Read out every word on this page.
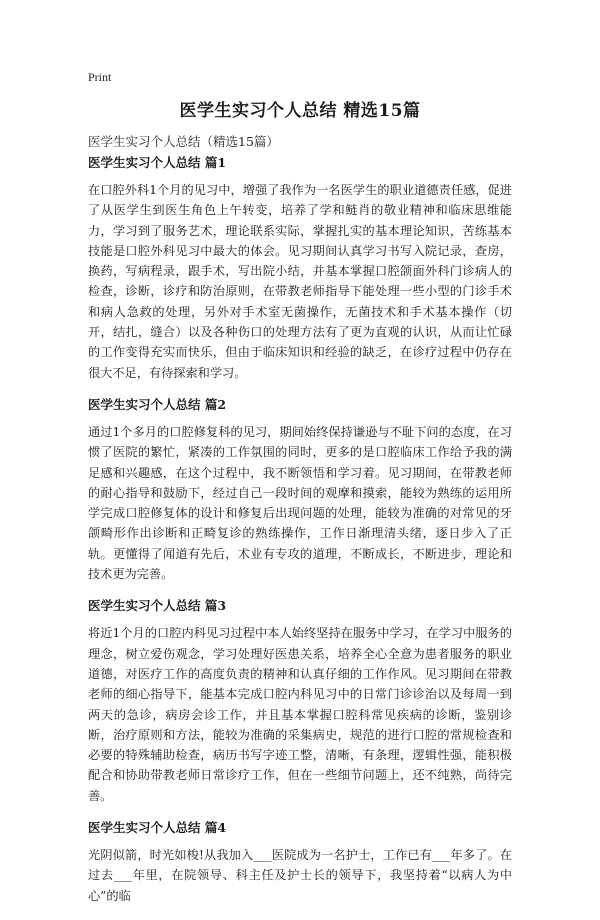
Print
医学生实习个人总结 精选15篇
医学生实习个人总结（精选15篇）
医学生实习个人总结 篇1

在口腔外科1个月的见习中，增强了我作为一名医学生的职业道德责任感，促进了从医学生到医生角色上午转变，培养了学和鲢肖的敬业精神和临床思维能力，学习到了服务艺术，理论联系实际，掌握扎实的基本理论知识，苦练基本技能是口腔外科见习中最大的体会。见习期间认真学习书写入院记录，查房，换药，写病程录，跟手术，写出院小结，并基本掌握口腔颌面外科门诊病人的检查，诊断，诊疗和防治原则，在带教老师指导下能处理一些小型的门诊手术和病人急救的处理，另外对手术室无菌操作，无菌技术和手术基本操作（切开，结扎，缝合）以及各种伤口的处理方法有了更为直观的认识，从而让忙碌的工作变得充实而快乐，但由于临床知识和经验的缺乏，在诊疗过程中仍存在很大不足，有待探索和学习。

医学生实习个人总结 篇2

通过1个多月的口腔修复科的见习，期间始终保持谦逊与不耻下问的态度，在习惯了医院的繁忙，紧凑的工作氛围的同时，更多的是口腔临床工作给予我的满足感和兴趣感，在这个过程中，我不断领悟和学习着。见习期间，在带教老师的耐心指导和鼓励下，经过自己一段时间的观摩和摸索，能较为熟练的运用所学完成口腔修复体的设计和修复后出现问题的处理，能较为准确的对常见的牙颌畸形作出诊断和正畸复诊的熟练操作，工作日渐理清头绪，逐日步入了正轨。更懂得了闻道有先后，术业有专攻的道理，不断成长，不断进步，理论和技术更为完善。

医学生实习个人总结 篇3

将近1个月的口腔内科见习过程中本人始终坚持在服务中学习，在学习中服务的理念，树立爱伤观念，学习处理好医患关系，培养全心全意为患者服务的职业道德，对医疗工作的高度负责的精神和认真仔细的工作作风。见习期间在带教老师的细心指导下，能基本完成口腔内科见习中的日常门诊诊治以及每周一到两天的急诊，病房会诊工作，并且基本掌握口腔科常见疾病的诊断，鉴别诊断，治疗原则和方法，能较为准确的采集病史，规范的进行口腔的常规检查和必要的特殊辅助检查，病历书写字迹工整，清晰，有条理，逻辑性强，能积极配合和协助带教老师日常诊疗工作，但在一些细节问题上，还不纯熟，尚待完善。

医学生实习个人总结 篇4

光阴似箭，时光如梭!从我加入___医院成为一名护士，工作已有___年多了。在过去___年里，在院领导、科主任及护士长的领导下，我坚持着“以病人为中心”的临
